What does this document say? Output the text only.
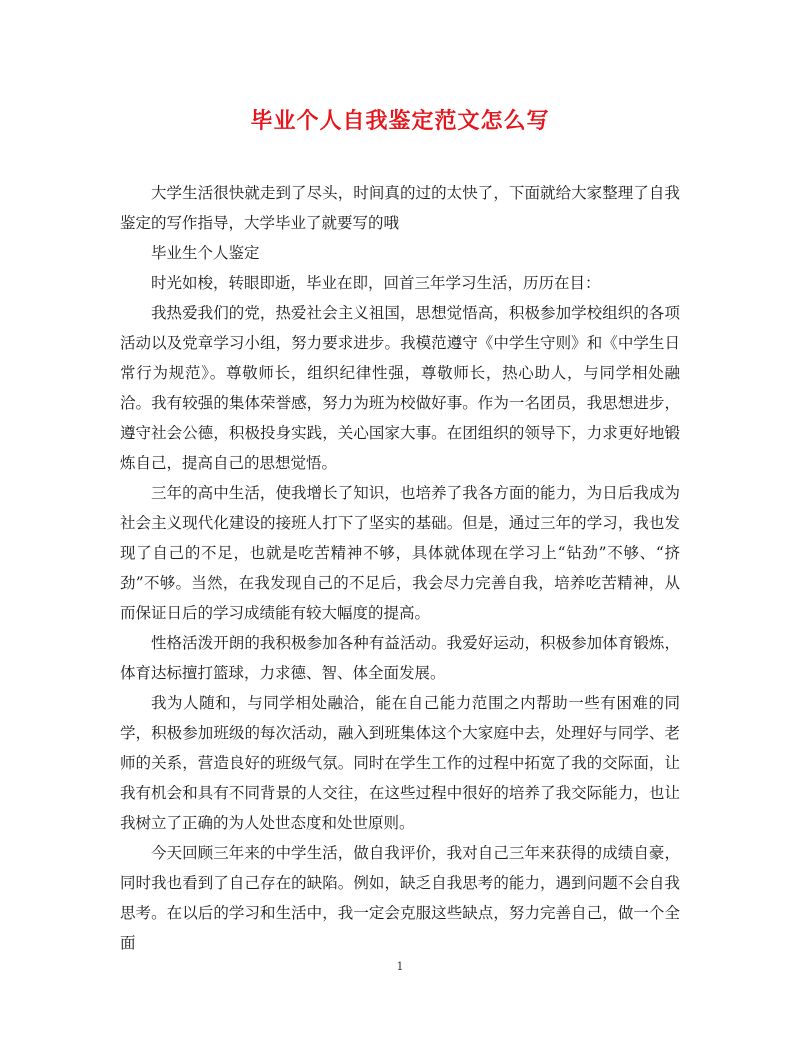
毕业个人自我鉴定范文怎么写

大学生活很快就走到了尽头，时间真的过的太快了，下面就给大家整理了自我鉴定的写作指导，大学毕业了就要写的哦

毕业生个人鉴定

时光如梭，转眼即逝，毕业在即，回首三年学习生活，历历在目：

我热爱我们的党，热爱社会主义祖国，思想觉悟高，积极参加学校组织的各项活动以及党章学习小组，努力要求进步。我模范遵守《中学生守则》和《中学生日常行为规范》。尊敬师长，组织纪律性强，尊敬师长，热心助人，与同学相处融洽。我有较强的集体荣誉感，努力为班为校做好事。作为一名团员，我思想进步，遵守社会公德，积极投身实践，关心国家大事。在团组织的领导下，力求更好地锻炼自己，提高自己的思想觉悟。

三年的高中生活，使我增长了知识，也培养了我各方面的能力，为日后我成为社会主义现代化建设的接班人打下了坚实的基础。但是，通过三年的学习，我也发现了自己的不足，也就是吃苦精神不够，具体就体现在学习上“钻劲”不够、“挤劲”不够。当然，在我发现自己的不足后，我会尽力完善自我，培养吃苦精神，从而保证日后的学习成绩能有较大幅度的提高。

性格活泼开朗的我积极参加各种有益活动。我爱好运动，积极参加体育锻炼，体育达标擅打篮球，力求德、智、体全面发展。

我为人随和，与同学相处融洽，能在自己能力范围之内帮助一些有困难的同学，积极参加班级的每次活动，融入到班集体这个大家庭中去，处理好与同学、老师的关系，营造良好的班级气氛。同时在学生工作的过程中拓宽了我的交际面，让我有机会和具有不同背景的人交往，在这些过程中很好的培养了我交际能力，也让我树立了正确的为人处世态度和处世原则。

今天回顾三年来的中学生活，做自我评价，我对自己三年来获得的成绩自豪，同时我也看到了自己存在的缺陷。例如，缺乏自我思考的能力，遇到问题不会自我思考。在以后的学习和生活中，我一定会克服这些缺点，努力完善自己，做一个全面

1
